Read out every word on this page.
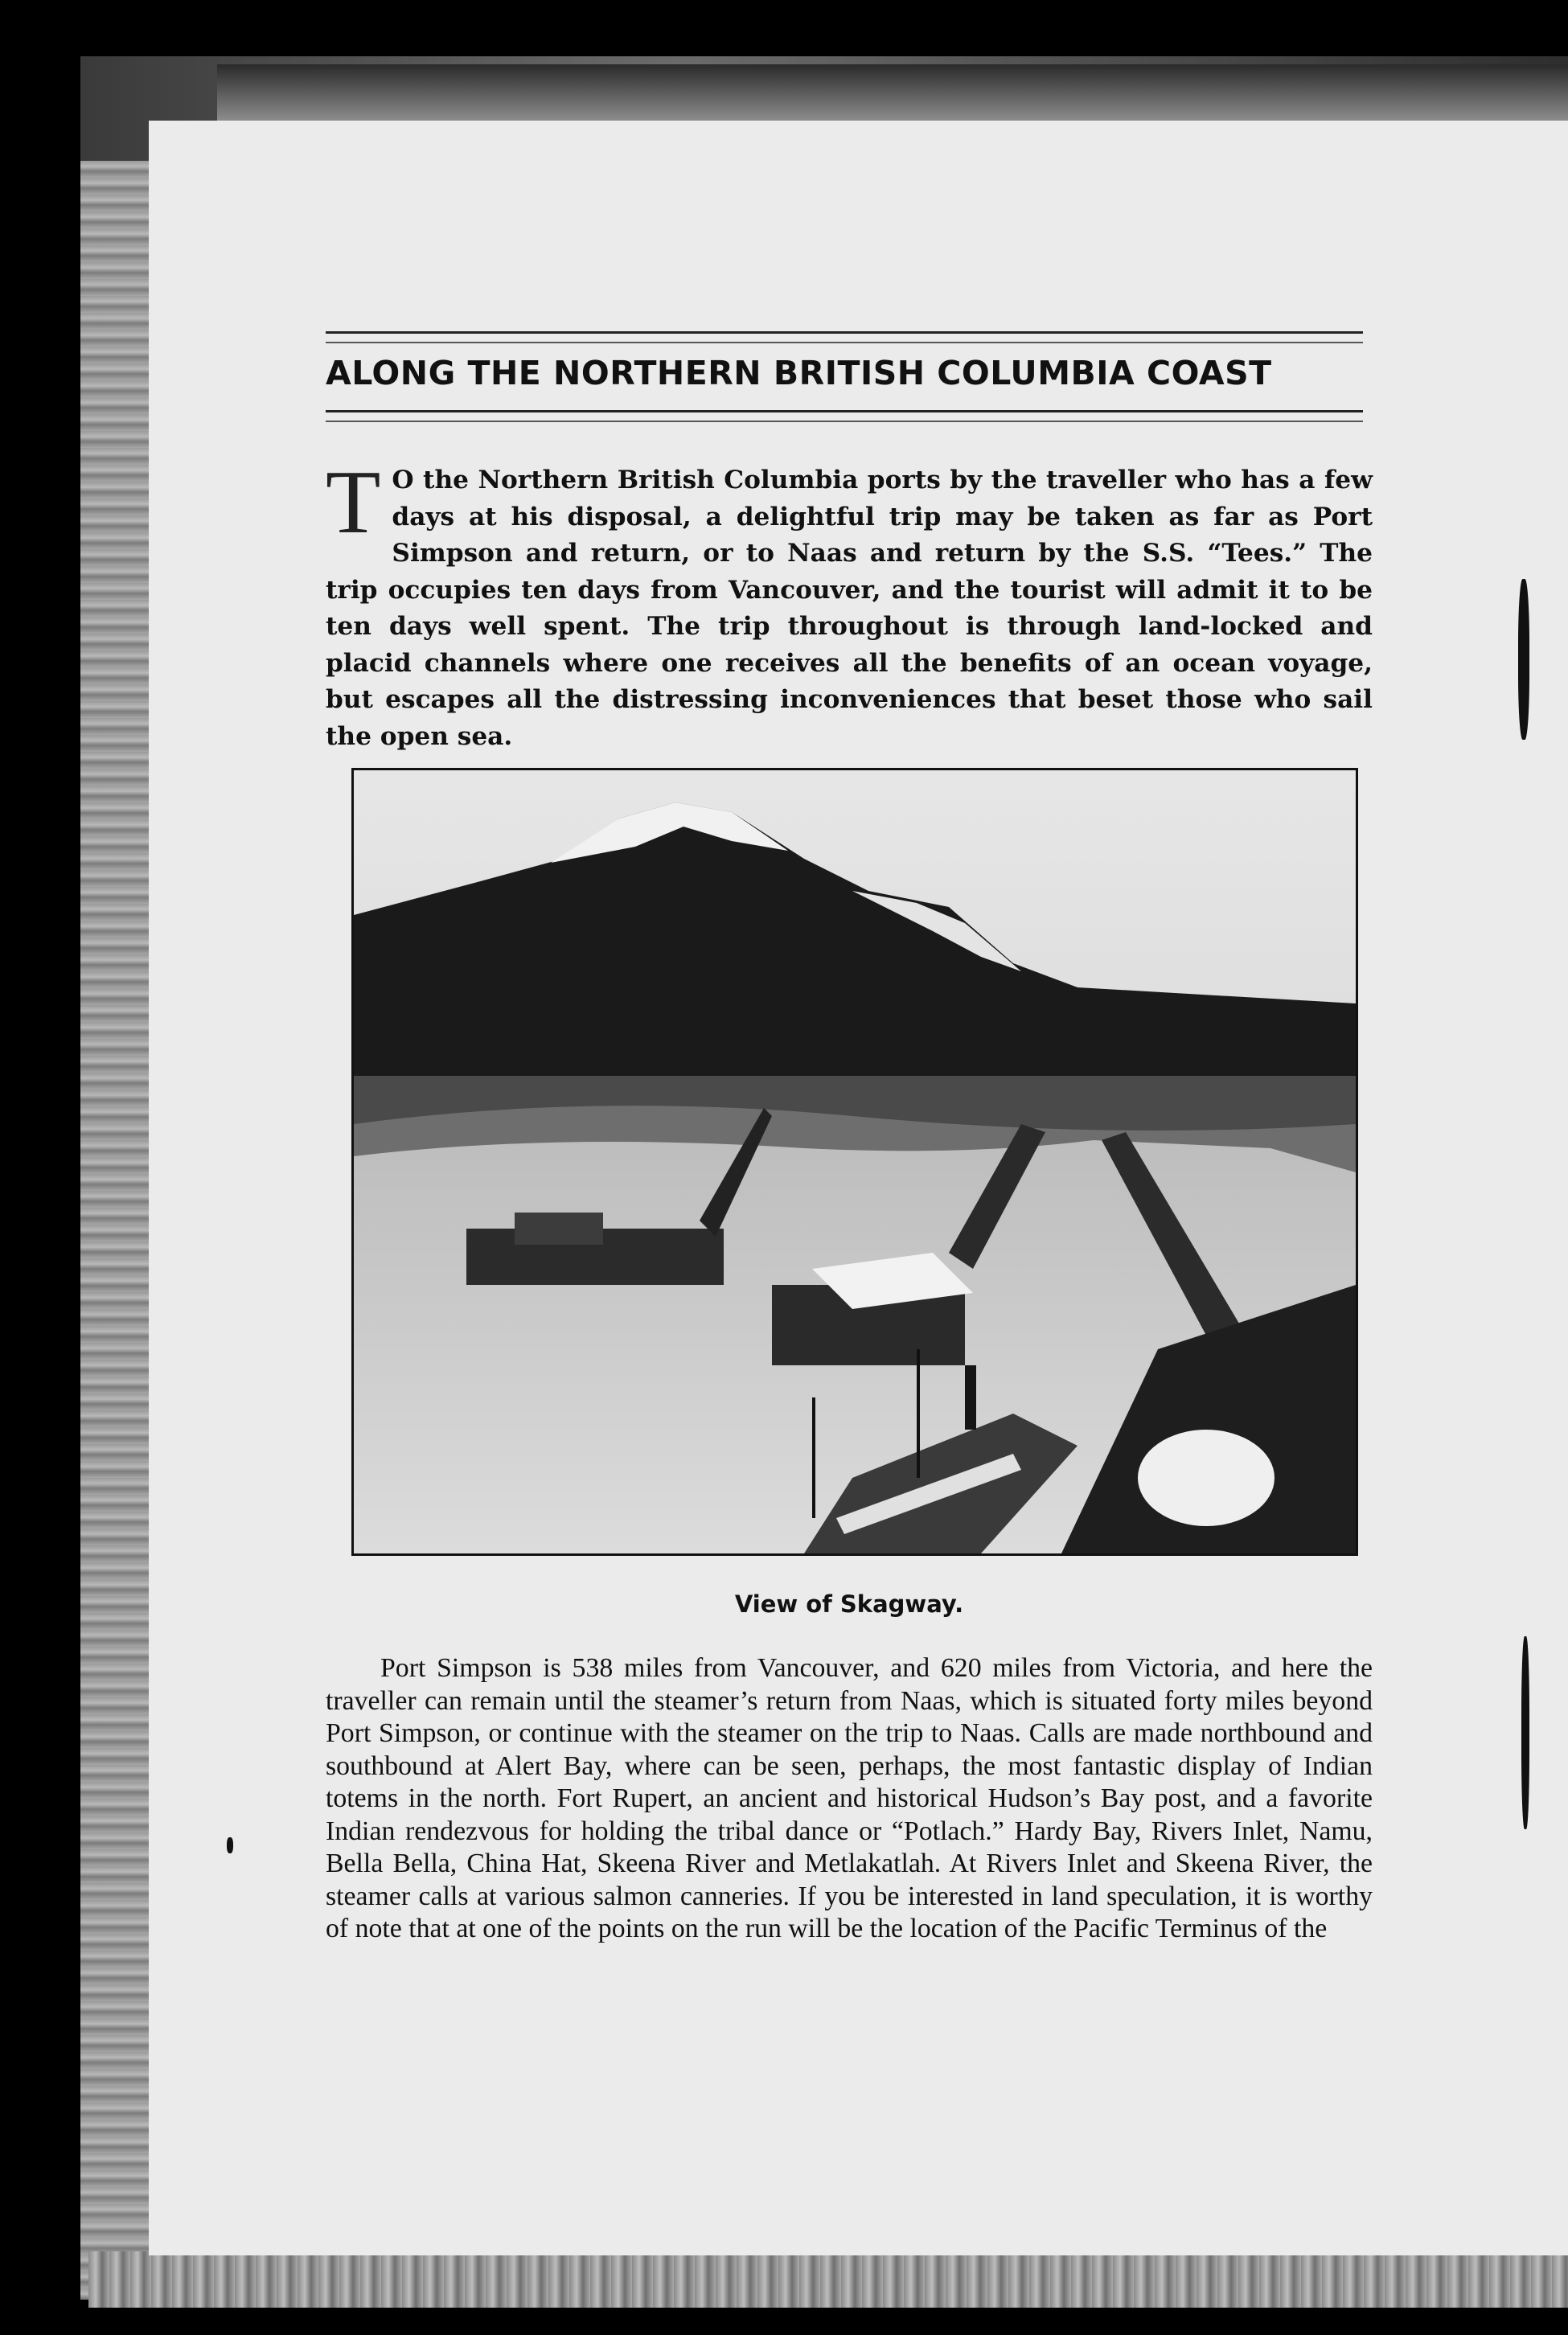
ALONG THE NORTHERN BRITISH COLUMBIA COAST

T O the Northern British Columbia ports by the traveller who has a few days at his disposal, a delightful trip may be taken as far as Port Simpson and return, or to Naas and return by the S.S. “Tees.” The trip occupies ten days from Vancouver, and the tourist will admit it to be ten days well spent. The trip throughout is through land-locked and placid channels where one receives all the benefits of an ocean voyage, but escapes all the distressing inconveniences that beset those who sail the open sea.

View of Skagway.

Port Simpson is 538 miles from Vancouver, and 620 miles from Victoria, and here the traveller can remain until the steamer’s return from Naas, which is situated forty miles beyond Port Simpson, or continue with the steamer on the trip to Naas. Calls are made northbound and southbound at Alert Bay, where can be seen, perhaps, the most fantastic display of Indian totems in the north. Fort Rupert, an ancient and historical Hudson’s Bay post, and a favorite Indian rendezvous for holding the tribal dance or “Potlach.” Hardy Bay, Rivers Inlet, Namu, Bella Bella, China Hat, Skeena River and Metlakatlah. At Rivers Inlet and Skeena River, the steamer calls at various salmon canneries. If you be interested in land speculation, it is worthy of note that at one of the points on the run will be the location of the Pacific Terminus of the
